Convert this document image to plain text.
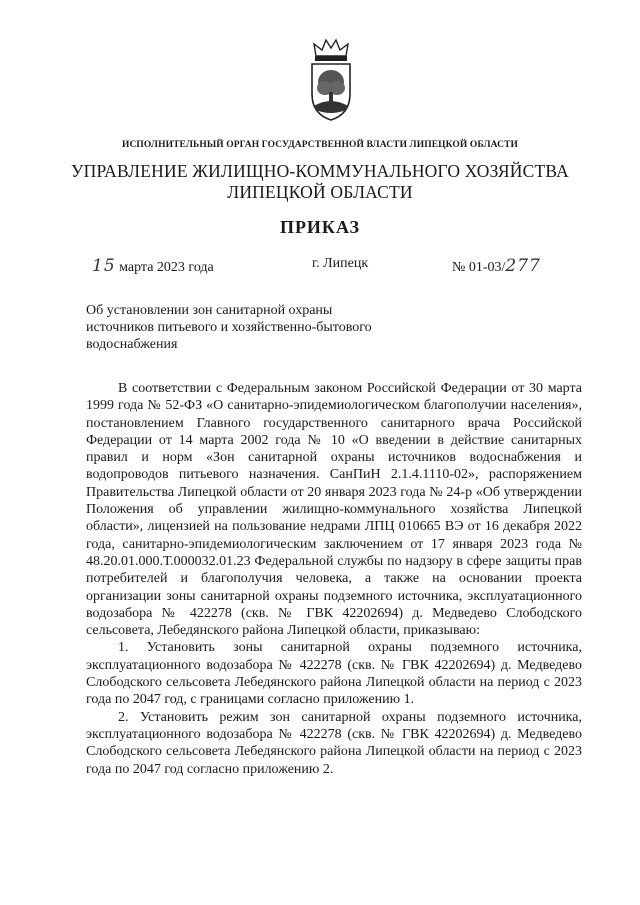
ИСПОЛНИТЕЛЬНЫЙ ОРГАН ГОСУДАРСТВЕННОЙ ВЛАСТИ ЛИПЕЦКОЙ ОБЛАСТИ
УПРАВЛЕНИЕ ЖИЛИЩНО-КОММУНАЛЬНОГО ХОЗЯЙСТВА
ЛИПЕЦКОЙ ОБЛАСТИ
ПРИКАЗ
15 марта 2023 года	г. Липецк	№ 01-03/277
Об установлении зон санитарной охраны
источников питьевого и хозяйственно-бытового
водоснабжения

В соответствии с Федеральным законом Российской Федерации от 30 марта 1999 года № 52-ФЗ «О санитарно-эпидемиологическом благополучии населения», постановлением Главного государственного санитарного врача Российской Федерации от 14 марта 2002 года № 10 «О введении в действие санитарных правил и норм «Зон санитарной охраны источников водоснабжения и водопроводов питьевого назначения. СанПиН 2.1.4.1110-02», распоряжением Правительства Липецкой области от 20 января 2023 года № 24-р «Об утверждении Положения об управлении жилищно-коммунального хозяйства Липецкой области», лицензией на пользование недрами ЛПЦ 010665 ВЭ от 16 декабря 2022 года, санитарно-эпидемиологическим заключением от 17 января 2023 года № 48.20.01.000.Т.000032.01.23 Федеральной службы по надзору в сфере защиты прав потребителей и благополучия человека, а также на основании проекта организации зоны санитарной охраны подземного источника, эксплуатационного водозабора № 422278 (скв. № ГВК 42202694) д. Медведево Слободского сельсовета, Лебедянского района Липецкой области, приказываю:

1. Установить зоны санитарной охраны подземного источника, эксплуатационного водозабора № 422278 (скв. № ГВК 42202694) д. Медведево Слободского сельсовета Лебедянского района Липецкой области на период с 2023 года по 2047 год, с границами согласно приложению 1.
2. Установить режим зон санитарной охраны подземного источника, эксплуатационного водозабора № 422278 (скв. № ГВК 42202694) д. Медведево Слободского сельсовета Лебедянского района Липецкой области на период с 2023 года по 2047 год согласно приложению 2.
